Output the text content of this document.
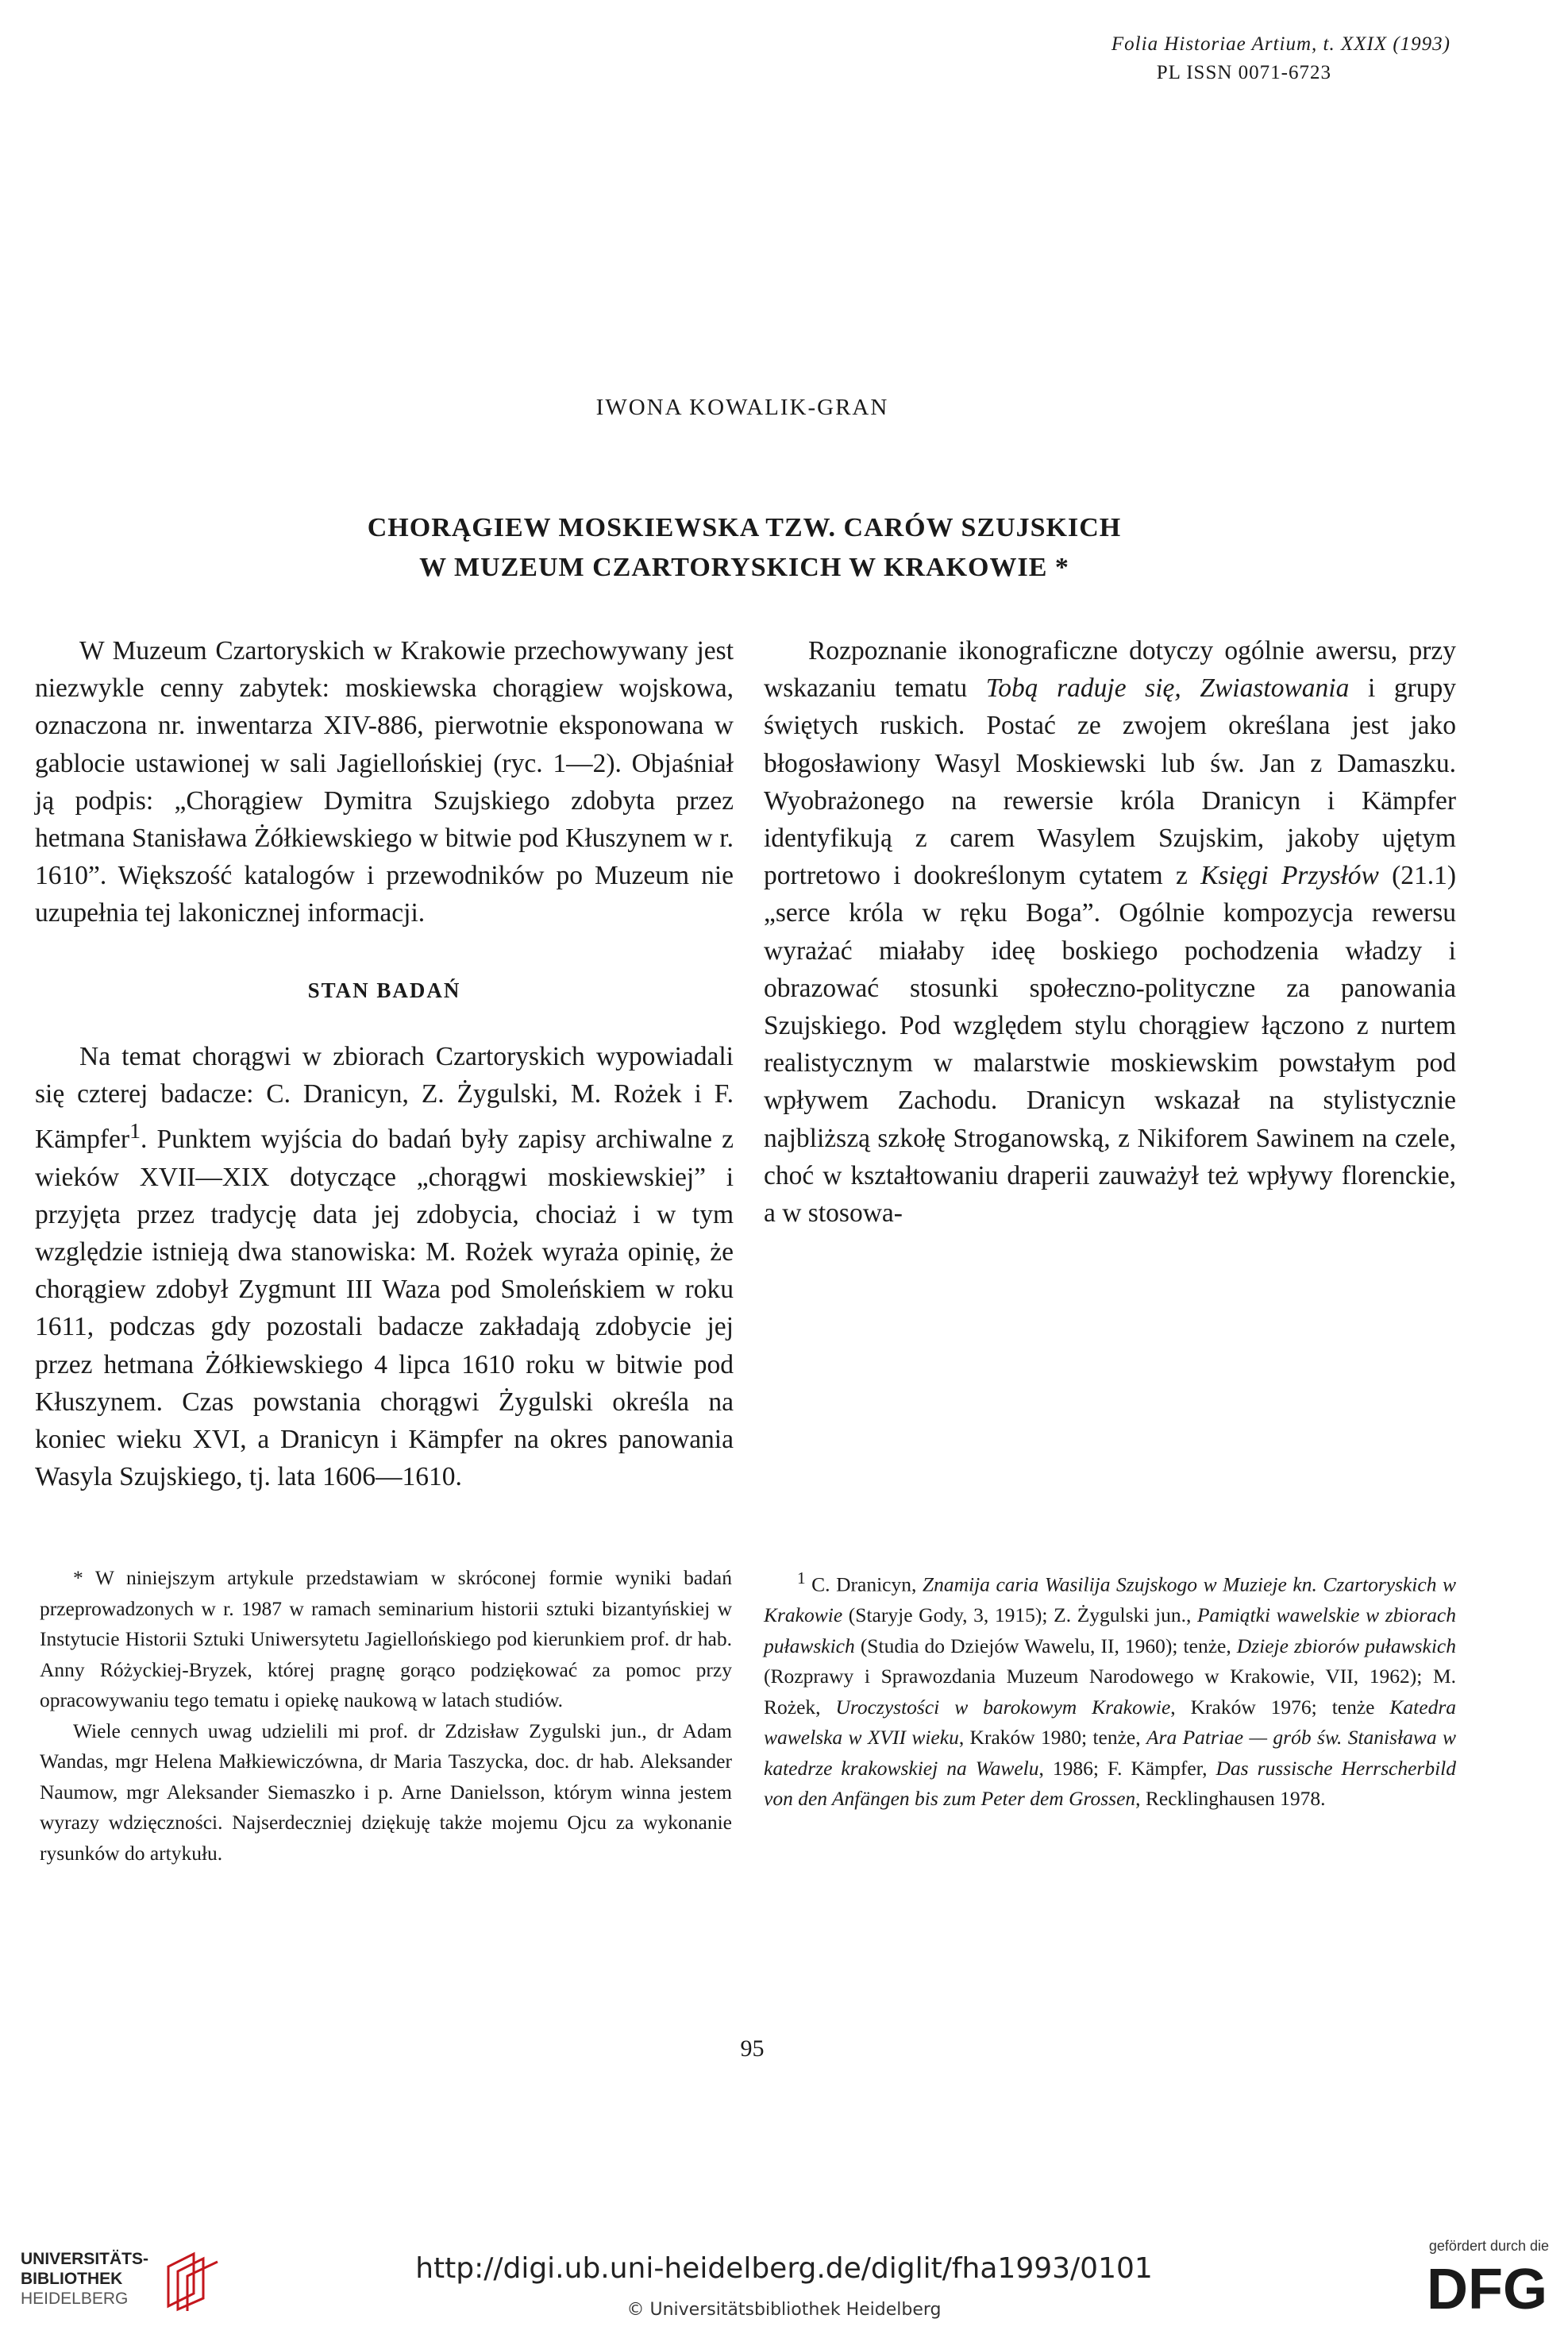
Folia Historiae Artium, t. XXIX (1993)
PL ISSN 0071-6723
IWONA KOWALIK-GRAN
CHORĄGIEW MOSKIEWSKA TZW. CARÓW SZUJSKICH
W MUZEUM CZARTORYSKICH W KRAKOWIE *

W Muzeum Czartoryskich w Krakowie przechowywany jest niezwykle cenny zabytek: moskiewska chorągiew wojskowa, oznaczona nr. inwentarza XIV-886, pierwotnie eksponowana w gablocie ustawionej w sali Jagiellońskiej (ryc. 1—2). Objaśniał ją podpis: „Chorągiew Dymitra Szujskiego zdobyta przez hetmana Stanisława Żółkiewskiego w bitwie pod Kłuszynem w r. 1610”. Większość katalogów i przewodników po Muzeum nie uzupełnia tej lakonicznej informacji.

STAN BADAŃ

Na temat chorągwi w zbiorach Czartoryskich wypowiadali się czterej badacze: C. Dranicyn, Z. Żygulski, M. Rożek i F. Kämpfer$^1$. Punktem wyjścia do badań były zapisy archiwalne z wieków XVII—XIX dotyczące „chorągwi moskiewskiej” i przyjęta przez tradycję data jej zdobycia, chociaż i w tym względzie istnieją dwa stanowiska: M. Rożek wyraża opinię, że chorągiew zdobył Zygmunt III Waza pod Smoleńskiem w roku 1611, podczas gdy pozostali badacze zakładają zdobycie jej przez hetmana Żółkiewskiego 4 lipca 1610 roku w bitwie pod Kłuszynem. Czas powstania chorągwi Żygulski określa na koniec wieku XVI, a Dranicyn i Kämpfer na okres panowania Wasyla Szujskiego, tj. lata 1606—1610.

Rozpoznanie ikonograficzne dotyczy ogólnie awersu, przy wskazaniu tematu Tobą raduje się, Zwiastowania i grupy świętych ruskich. Postać ze zwojem określana jest jako błogosławiony Wasyl Moskiewski lub św. Jan z Damaszku. Wyobrażonego na rewersie króla Dranicyn i Kämpfer identyfikują z carem Wasylem Szujskim, jakoby ujętym portretowo i dookreślonym cytatem z Księgi Przysłów (21.1) „serce króla w ręku Boga”. Ogólnie kompozycja rewersu wyrażać miałaby ideę boskiego pochodzenia władzy i obrazować stosunki społeczno-polityczne za panowania Szujskiego. Pod względem stylu chorągiew łączono z nurtem realistycznym w malarstwie moskiewskim powstałym pod wpływem Zachodu. Dranicyn wskazał na stylistycznie najbliższą szkołę Stroganowską, z Nikiforem Sawinem na czele, choć w kształtowaniu draperii zauważył też wpływy florenckie, a w stosowa-

* W niniejszym artykule przedstawiam w skróconej formie wyniki badań przeprowadzonych w r. 1987 w ramach seminarium historii sztuki bizantyńskiej w Instytucie Historii Sztuki Uniwersytetu Jagiellońskiego pod kierunkiem prof. dr hab. Anny Różyckiej-Bryzek, której pragnę gorąco podziękować za pomoc przy opracowywaniu tego tematu i opiekę naukową w latach studiów.

Wiele cennych uwag udzielili mi prof. dr Zdzisław Zygulski jun., dr Adam Wandas, mgr Helena Małkiewiczówna, dr Maria Taszycka, doc. dr hab. Aleksander Naumow, mgr Aleksander Siemaszko i p. Arne Danielsson, którym winna jestem wyrazy wdzięczności. Najserdeczniej dziękuję także mojemu Ojcu za wykonanie rysunków do artykułu.

$^1$ C. Dranicyn, Znamija caria Wasilija Szujskogo w Muzieje kn. Czartoryskich w Krakowie (Staryje Gody, 3, 1915); Z. Żygulski jun., Pamiątki wawelskie w zbiorach puławskich (Studia do Dziejów Wawelu, II, 1960); tenże, Dzieje zbiorów puławskich (Rozprawy i Sprawozdania Muzeum Narodowego w Krakowie, VII, 1962); M. Rożek, Uroczystości w barokowym Krakowie, Kraków 1976; tenże Katedra wawelska w XVII wieku, Kraków 1980; tenże, Ara Patriae — grób św. Stanisława w katedrze krakowskiej na Wawelu, 1986; F. Kämpfer, Das russische Herrscherbild von den Anfängen bis zum Peter dem Grossen, Recklinghausen 1978.

95
UNIVERSITÄTS-
BIBLIOTHEK
HEIDELBERG
http://digi.ub.uni-heidelberg.de/diglit/fha1993/0101
© Universitätsbibliothek Heidelberg
gefördert durch die
DFG
